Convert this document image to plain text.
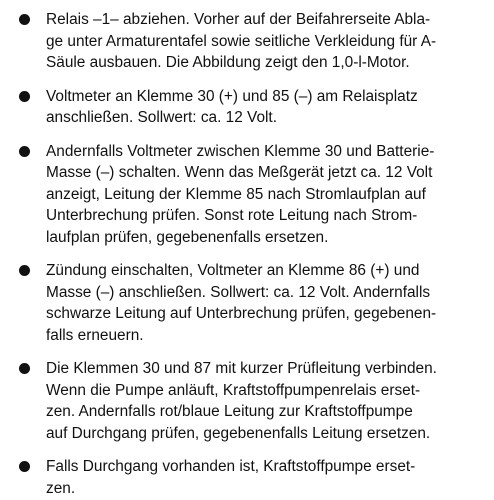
Relais –1– abziehen. Vorher auf der Beifahrerseite Abla-
ge unter Armaturentafel sowie seitliche Verkleidung für A-
Säule ausbauen. Die Abbildung zeigt den 1,0-l-Motor.
Voltmeter an Klemme 30 (+) und 85 (–) am Relaisplatz
anschließen. Sollwert: ca. 12 Volt.
Andernfalls Voltmeter zwischen Klemme 30 und Batterie-
Masse (–) schalten. Wenn das Meßgerät jetzt ca. 12 Volt
anzeigt, Leitung der Klemme 85 nach Stromlaufplan auf
Unterbrechung prüfen. Sonst rote Leitung nach Strom-
laufplan prüfen, gegebenenfalls ersetzen.
Zündung einschalten, Voltmeter an Klemme 86 (+) und
Masse (–) anschließen. Sollwert: ca. 12 Volt. Andernfalls
schwarze Leitung auf Unterbrechung prüfen, gegebenen-
falls erneuern.
Die Klemmen 30 und 87 mit kurzer Prüfleitung verbinden.
Wenn die Pumpe anläuft, Kraftstoffpumpenrelais erset-
zen. Andernfalls rot/blaue Leitung zur Kraftstoffpumpe
auf Durchgang prüfen, gegebenenfalls Leitung ersetzen.
Falls Durchgang vorhanden ist, Kraftstoffpumpe erset-
zen.
